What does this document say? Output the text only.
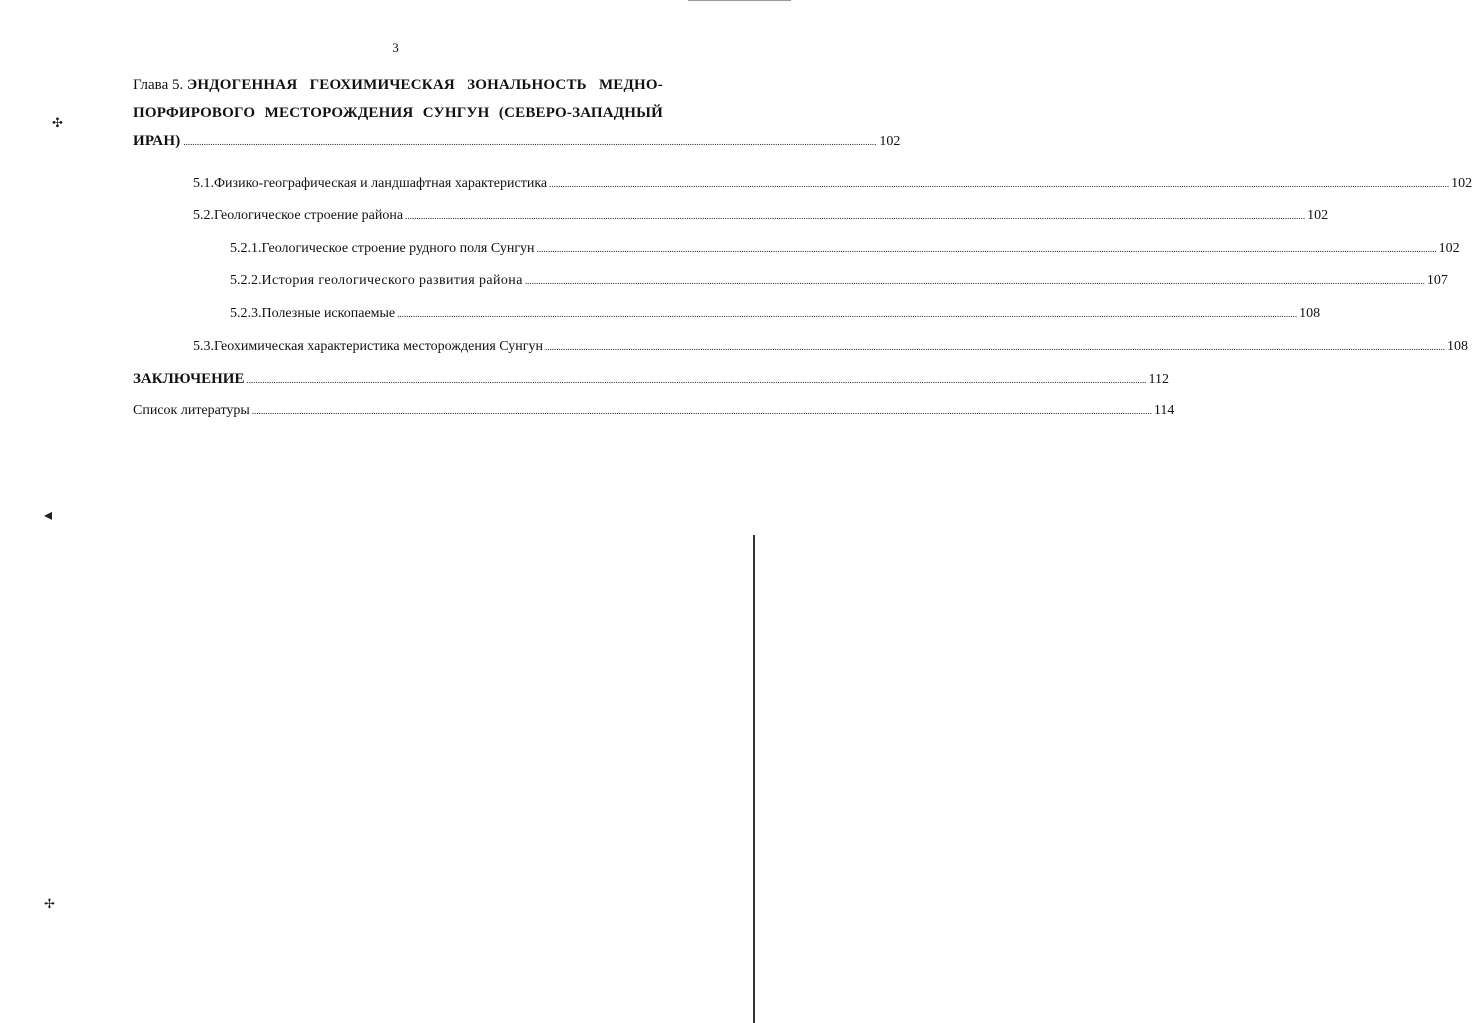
3
Глава 5. ЭНДОГЕННАЯ ГЕОХИМИЧЕСКАЯ ЗОНАЛЬНОСТЬ МЕДНО-
ПОРФИРОВОГО МЕСТОРОЖДЕНИЯ СУНГУН (СЕВЕРО-ЗАПАДНЫЙ
ИРАН) .................................................................................................................................................................................................................................................................................................................... 102
5.1. Физико-географическая и ландшафтная характеристика .....	102
5.2. Геологическое строение района .....	102
5.2.1. Геологическое строение рудного поля Сунгун .....	102
5.2.2. История геологического развития района .....	107
5.2.3. Полезные ископаемые .....	108
5.3. Геохимическая характеристика месторождения Сунгун .....	108
ЗАКЛЮЧЕНИЕ .....	112
Список литературы .....	114
✣
◂
✢
